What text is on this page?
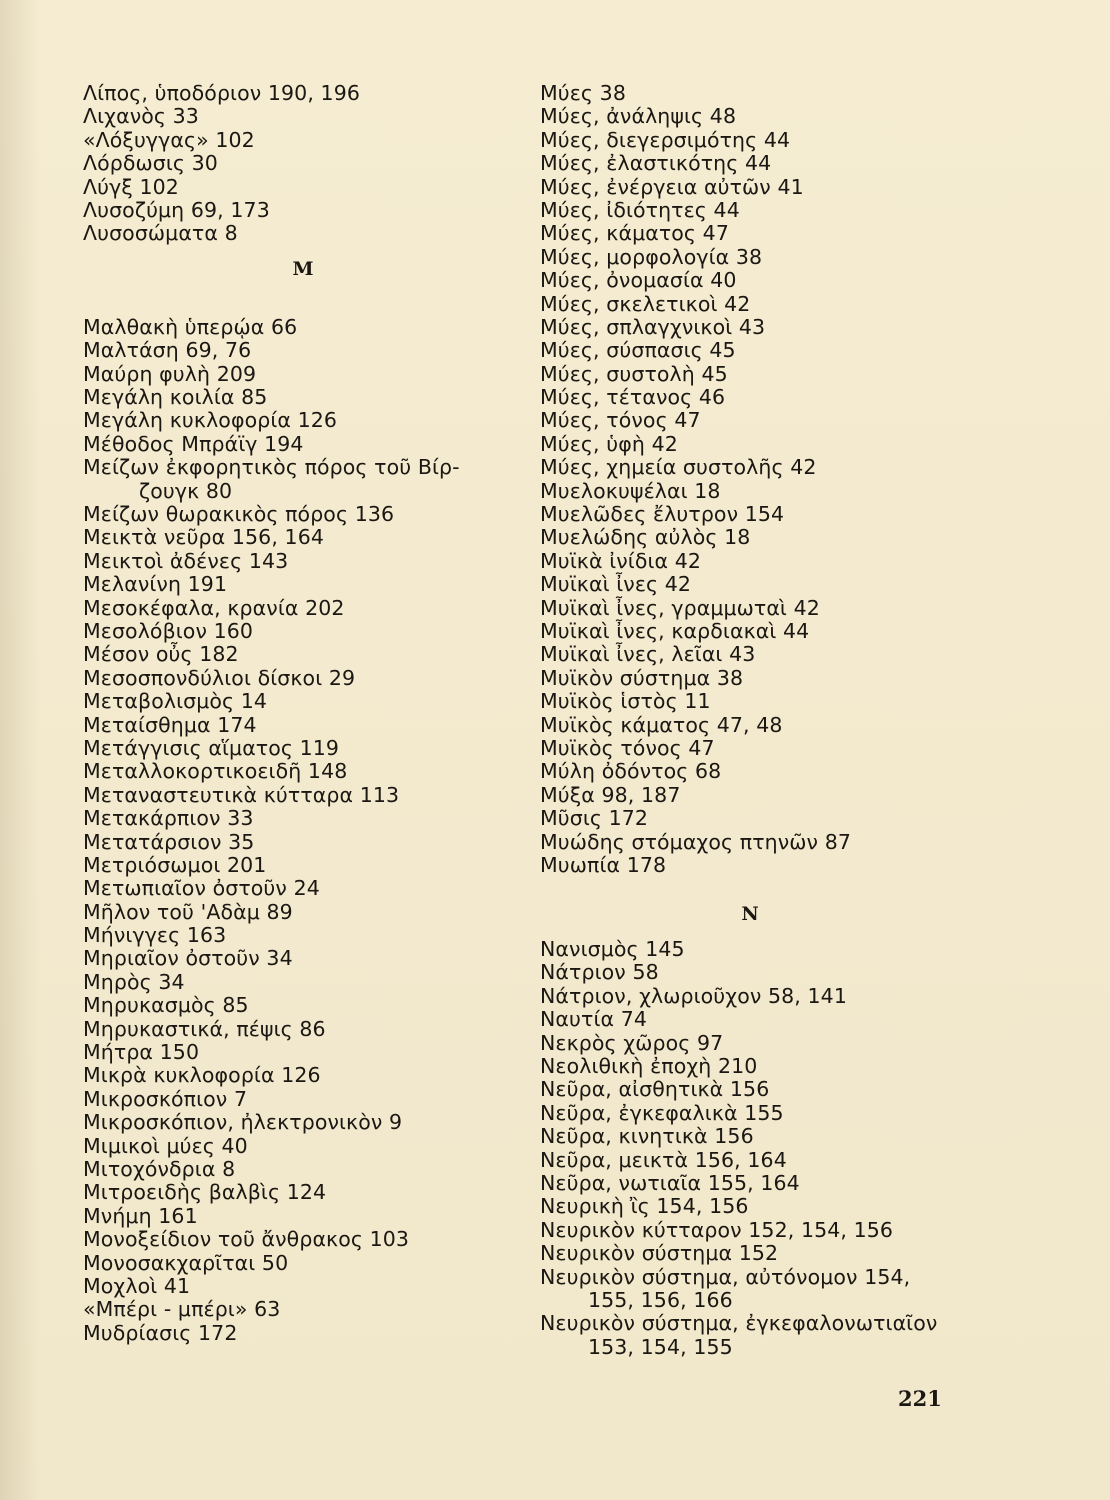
Λίπος, ὑποδόριον 190, 196
Λιχανὸς 33
«Λόξυγγας» 102
Λόρδωσις 30
Λύγξ 102
Λυσοζύμη 69, 173
Λυσοσώματα 8
Μ
Μαλθακὴ ὑπερῴα 66
Μαλτάση 69, 76
Μαύρη φυλὴ 209
Μεγάλη κοιλία 85
Μεγάλη κυκλοφορία 126
Μέθοδος Μπράϊγ 194
Μείζων ἐκφορητικὸς πόρος τοῦ Βίρ-
ζουγκ 80
Μείζων θωρακικὸς πόρος 136
Μεικτὰ νεῦρα 156, 164
Μεικτοὶ ἀδένες 143
Μελανίνη 191
Μεσοκέφαλα, κρανία 202
Μεσολόβιον 160
Μέσον οὖς 182
Μεσοσπονδύλιοι δίσκοι 29
Μεταβολισμὸς 14
Μεταίσθημα 174
Μετάγγισις αἵματος 119
Μεταλλοκορτικοειδῆ 148
Μεταναστευτικὰ κύτταρα 113
Μετακάρπιον 33
Μετατάρσιον 35
Μετριόσωμοι 201
Μετωπιαῖον ὀστοῦν 24
Μῆλον τοῦ 'Αδὰμ 89
Μήνιγγες 163
Μηριαῖον ὀστοῦν 34
Μηρὸς 34
Μηρυκασμὸς 85
Μηρυκαστικά, πέψις 86
Μήτρα 150
Μικρὰ κυκλοφορία 126
Μικροσκόπιον 7
Μικροσκόπιον, ἠλεκτρονικὸν 9
Μιμικοὶ μύες 40
Μιτοχόνδρια 8
Μιτροειδὴς βαλβὶς 124
Μνήμη 161
Μονοξείδιον τοῦ ἄνθρακος 103
Μονοσακχαρῖται 50
Μοχλοὶ 41
«Μπέρι - μπέρι» 63
Μυδρίασις 172
Μύες 38
Μύες, ἀνάληψις 48
Μύες, διεγερσιμότης 44
Μύες, ἐλαστικότης 44
Μύες, ἐνέργεια αὐτῶν 41
Μύες, ἰδιότητες 44
Μύες, κάματος 47
Μύες, μορφολογία 38
Μύες, ὀνομασία 40
Μύες, σκελετικοὶ 42
Μύες, σπλαγχνικοὶ 43
Μύες, σύσπασις 45
Μύες, συστολὴ 45
Μύες, τέτανος 46
Μύες, τόνος 47
Μύες, ὑφὴ 42
Μύες, χημεία συστολῆς 42
Μυελοκυψέλαι 18
Μυελῶδες ἔλυτρον 154
Μυελώδης αὐλὸς 18
Μυϊκὰ ἰνίδια 42
Μυϊκαὶ ἶνες 42
Μυϊκαὶ ἶνες, γραμμωταὶ 42
Μυϊκαὶ ἶνες, καρδιακαὶ 44
Μυϊκαὶ ἶνες, λεῖαι 43
Μυϊκὸν σύστημα 38
Μυϊκὸς ἱστὸς 11
Μυϊκὸς κάματος 47, 48
Μυϊκὸς τόνος 47
Μύλη ὀδόντος 68
Μύξα 98, 187
Μῦσις 172
Μυώδης στόμαχος πτηνῶν 87
Μυωπία 178
Ν
Νανισμὸς 145
Νάτριον 58
Νάτριον, χλωριοῦχον 58, 141
Ναυτία 74
Νεκρὸς χῶρος 97
Νεολιθικὴ ἐποχὴ 210
Νεῦρα, αἰσθητικὰ 156
Νεῦρα, ἐγκεφαλικὰ 155
Νεῦρα, κινητικὰ 156
Νεῦρα, μεικτὰ 156, 164
Νεῦρα, νωτιαῖα 155, 164
Νευρικὴ ἲς 154, 156
Νευρικὸν κύτταρον 152, 154, 156
Νευρικὸν σύστημα 152
Νευρικὸν σύστημα, αὐτόνομον 154,
155, 156, 166
Νευρικὸν σύστημα, ἐγκεφαλονωτιαῖον
153, 154, 155
221
